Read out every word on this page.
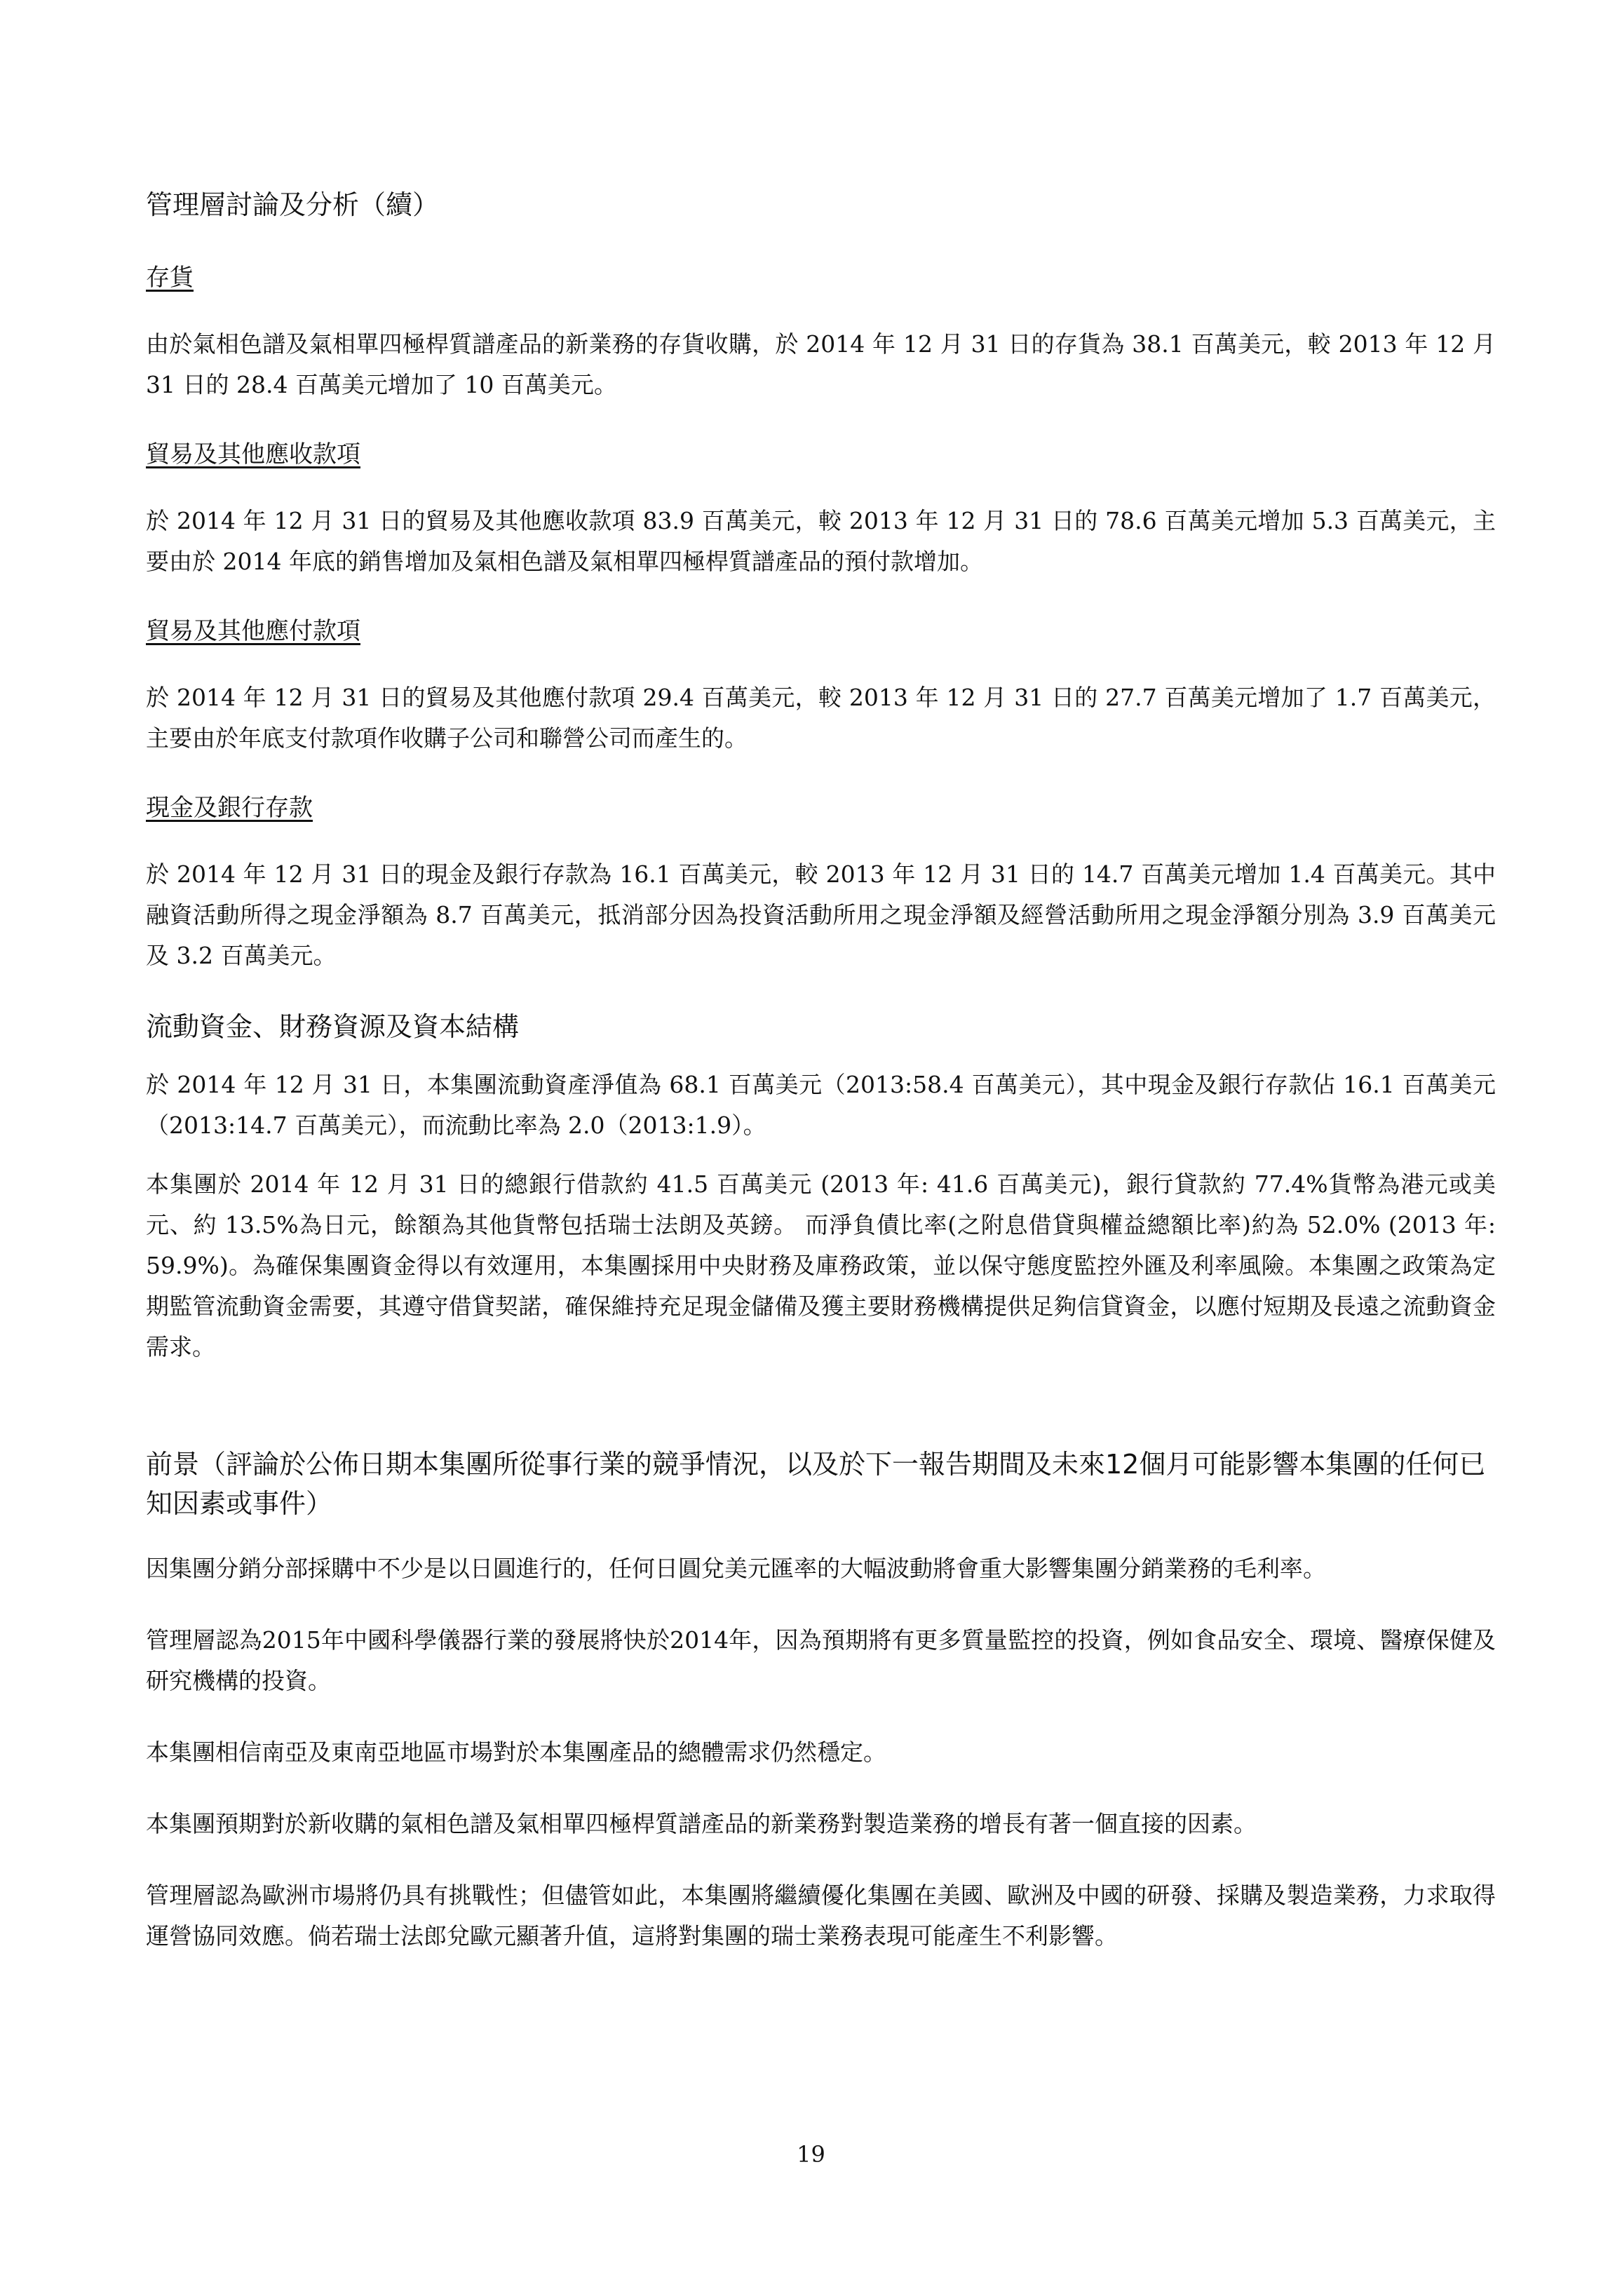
管理層討論及分析（續）
存貨

由於氣相色譜及氣相單四極桿質譜產品的新業務的存貨收購，於 2014 年 12 月 31 日的存貨為 38.1 百萬美元，較 2013 年 12 月 31 日的 28.4 百萬美元增加了 10 百萬美元。

貿易及其他應收款項

於 2014 年 12 月 31 日的貿易及其他應收款項 83.9 百萬美元，較 2013 年 12 月 31 日的 78.6 百萬美元增加 5.3 百萬美元，主要由於 2014 年底的銷售增加及氣相色譜及氣相單四極桿質譜產品的預付款增加。

貿易及其他應付款項

於 2014 年 12 月 31 日的貿易及其他應付款項 29.4 百萬美元，較 2013 年 12 月 31 日的 27.7 百萬美元增加了 1.7 百萬美元，主要由於年底支付款項作收購子公司和聯營公司而產生的。

現金及銀行存款

於 2014 年 12 月 31 日的現金及銀行存款為 16.1 百萬美元，較 2013 年 12 月 31 日的 14.7 百萬美元增加 1.4 百萬美元。其中融資活動所得之現金淨額為 8.7 百萬美元，抵消部分因為投資活動所用之現金淨額及經營活動所用之現金淨額分別為 3.9 百萬美元及 3.2 百萬美元。

流動資金、財務資源及資本結構

於 2014 年 12 月 31 日，本集團流動資產淨值為 68.1 百萬美元（2013:58.4 百萬美元），其中現金及銀行存款佔 16.1 百萬美元（2013:14.7 百萬美元），而流動比率為 2.0（2013:1.9）。

本集團於 2014 年 12 月 31 日的總銀行借款約 41.5 百萬美元 (2013 年: 41.6 百萬美元)，銀行貸款約 77.4%貨幣為港元或美元、約 13.5%為日元，餘額為其他貨幣包括瑞士法朗及英鎊。 而淨負債比率(之附息借貸與權益總額比率)約為 52.0% (2013 年: 59.9%)。為確保集團資金得以有效運用，本集團採用中央財務及庫務政策，並以保守態度監控外匯及利率風險。本集團之政策為定期監管流動資金需要，其遵守借貸契諾，確保維持充足現金儲備及獲主要財務機構提供足夠信貸資金，以應付短期及長遠之流動資金需求。

前景（評論於公佈日期本集團所從事行業的競爭情況，以及於下一報告期間及未來12個月可能影響本集團的任何已知因素或事件）

因集團分銷分部採購中不少是以日圓進行的，任何日圓兌美元匯率的大幅波動將會重大影響集團分銷業務的毛利率。

管理層認為2015年中國科學儀器行業的發展將快於2014年，因為預期將有更多質量監控的投資，例如食品安全、環境、醫療保健及研究機構的投資。

本集團相信南亞及東南亞地區市場對於本集團產品的總體需求仍然穩定。

本集團預期對於新收購的氣相色譜及氣相單四極桿質譜產品的新業務對製造業務的增長有著一個直接的因素。

管理層認為歐洲市場將仍具有挑戰性；但儘管如此，本集團將繼續優化集團在美國、歐洲及中國的研發、採購及製造業務，力求取得運營協同效應。倘若瑞士法郎兌歐元顯著升值，這將對集團的瑞士業務表現可能產生不利影響。

19
